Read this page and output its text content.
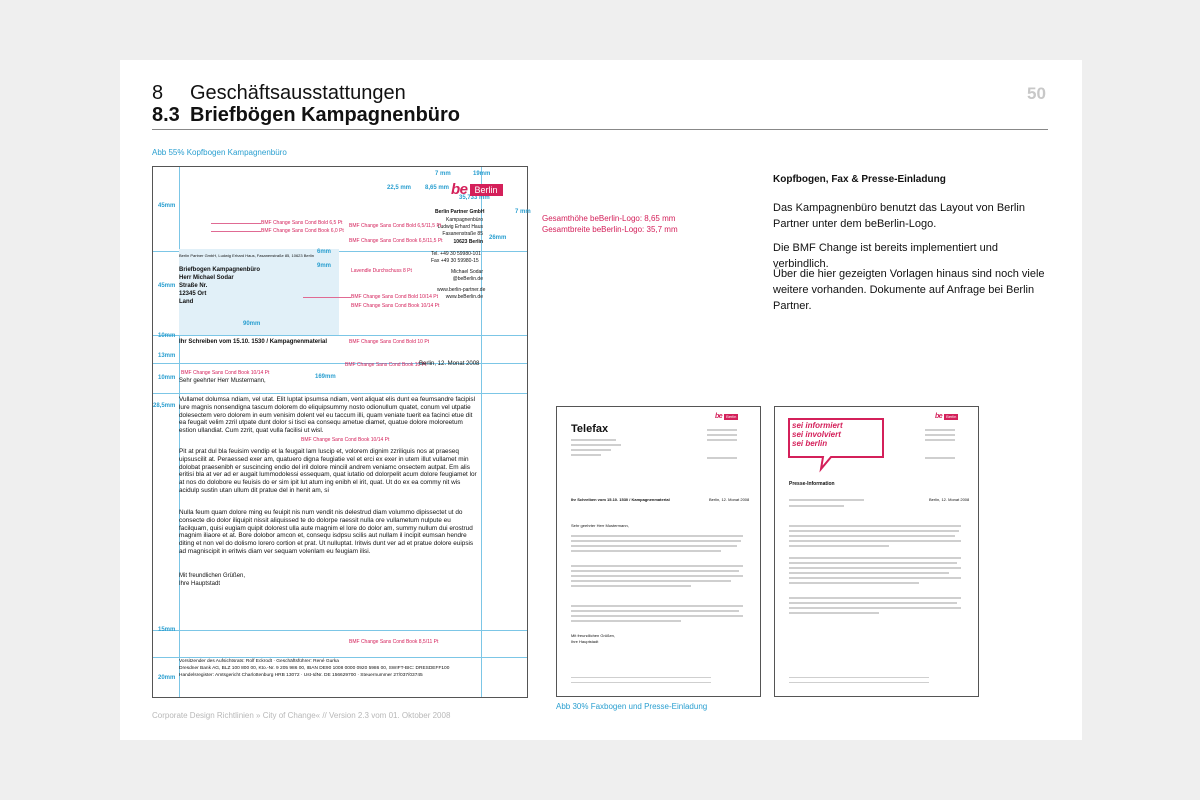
8 Geschäftsausstattungen
8.3 Briefbögen Kampagnenbüro
50
Abb 55% Kopfbogen Kampagnenbüro
45mm
45mm
10mm
13mm
10mm
28,5mm
15mm
20mm
90mm
169mm
6mm
9mm
22,5 mm 8,65 mm
7 mm	19mm
35,733 mm
7 mm
26mm
be Berlin
Berlin Partner GmbH
Kampagnenbüro
Ludwig Erhard Haus
Fasanenstraße 85
10623 Berlin
Tel. +49 30 59980-101
Fax +49 30 59980-15
Michael Sodar
@beBerlin.de
www.berlin-partner.de
www.beBerlin.de
BMF Change Sans Cond Bold 6,5 Pt
BMF Change Sans Cond Book 6,0 Pt
BMF Change Sans Cond Bold 6,5/11,5 Pt
BMF Change Sans Cond Book 6,5/11,5 Pt
Lavendle Durchschuss 8 Pt
BMF Change Sans Cond Bold 10/14 Pt
BMF Change Sans Cond Book 10/14 Pt
BMF Change Sans Cond Bold 10 Pt
BMF Change Sans Cond Book 10 Pt
BMF Change Sans Cond Book 10/14 Pt
BMF Change Sans Cond Book 10/14 Pt
BMF Change Sans Cond Book 8,5/11 Pt
Berlin Partner GmbH, Ludwig Erhard Haus, Fasanenstraße 85, 10623 Berlin
Briefbogen Kampagnenbüro
Herr Michael Sodar
Straße Nr.
12345 Ort
Land
Ihr Schreiben vom 15.10. 1530 / Kampagnenmaterial
Berlin, 12. Monat 2008
Sehr geehrter Herr Mustermann,
Vullamet dolumsa ndiam, vel utat. Elit luptat ipsumsa ndiam, vent aliquat elis dunt ea feumsandre facipisl lure magnis nonsendigna tascum dolorem do eliquipsummy nosto odionullum quatet, conum vel utpatie dolesectem vero dolorem in eum venisim dolent vel eu taccum illi, quam veniate tuerit ea facinci etue dit ea feugait velim zzril utpate dunt dolor si tisci ea consequ ametue diamet, quatue dolore moloreetum estion ullandiat. Cum zzrit, quat vulla facilisi ut wisl.
Pit at prat dul bla feuisim vendip et la feugait lam luscip et, volorem dignim zzriliquis nos at praeseq uipsuscilit at. Peraessed exer am, quatuero digna feugiatie vel et erci ex exer in utem illut vullamet min dolobat praesenibh er suscincing endio del iril dolore minciil andrem veniamc onsectem autpat. Em alis eritisi bla at ver ad er augait lummodolessi essequam, quat iutatio od dolorpelit acum dolore feugiamet lor at nos do dolobore eu feuisis do er sim ipit lut atum ing enibh el irit, quat. Ut do ex ea commy nit wis acidulp sustin utan ullum dit pratue del in henit am, si
Nulla feum quam dolore ming eu feuipit nis num vendit nis delestrud diam volummo dipissectet ut do consecte dio dolor iliquipit nissit aliquissed te do dolorpe raessit nulla ore vullametum nulpute eu facilquam, quisi eugiam quipit dolorest ulla aute magnim el lore do dolor am, summy nullum dui erostrud magnim iliaore et at. Bore dolobor amcon et, consequ isdpsu scilis aut nullam il incipit eumsan hendre diting et non vel do dolismo lorero cortion et prat. Ut nulluptat. Iritwis dunt ver ad et pratue dolore euipsis ad magniscipit in eritwis diam ver sequam volenlam eu feugiam ilisi.
Mit freundlichen Grüßen,
Ihre Hauptstadt
Vorsitzender des Aufsichtsrats: Rolf Eckrodt · Geschäftsführer: René Gurka
Dresdner Bank AG, BLZ 100 800 00, Kto.-Nr. 9 205 986 00, IBAN DE90 1008 0000 0920 5986 00, SWIFT-BIC: DRESDEFF100
Handelsregister: Amtsgericht Charlottenburg HRB 13072 · Ust-IdNr. DE 156629700 · Steuernummer 27/037/03745
Gesamthöhe beBerlin-Logo: 8,65 mm
Gesamtbreite beBerlin-Logo: 35,7 mm
Kopfbogen, Fax & Presse-Einladung
Das Kampagnenbüro benutzt das Layout von Berlin Partner unter dem beBerlin-Logo.
Die BMF Change ist bereits implementiert und verbindlich.
Über die hier gezeigten Vorlagen hinaus sind noch viele weitere vorhanden. Dokumente auf Anfrage bei Berlin Partner.
Telefax
be	Berlin
Ihr Schreiben vom 15.10. 1530 / Kampagnenmaterial	Berlin, 12. Monat 2008
Sehr geehrter Herr Mustermann,
Mit freundlichen Grüßen,
Ihre Hauptstadt
sei informiert
sei involviert
sei berlin
be	Berlin
Presse-Information
Berlin, 12. Monat 2008
Abb 30% Faxbogen und Presse-Einladung
Corporate Design Richtlinien » City of Change« // Version 2.3 vom 01. Oktober 2008
